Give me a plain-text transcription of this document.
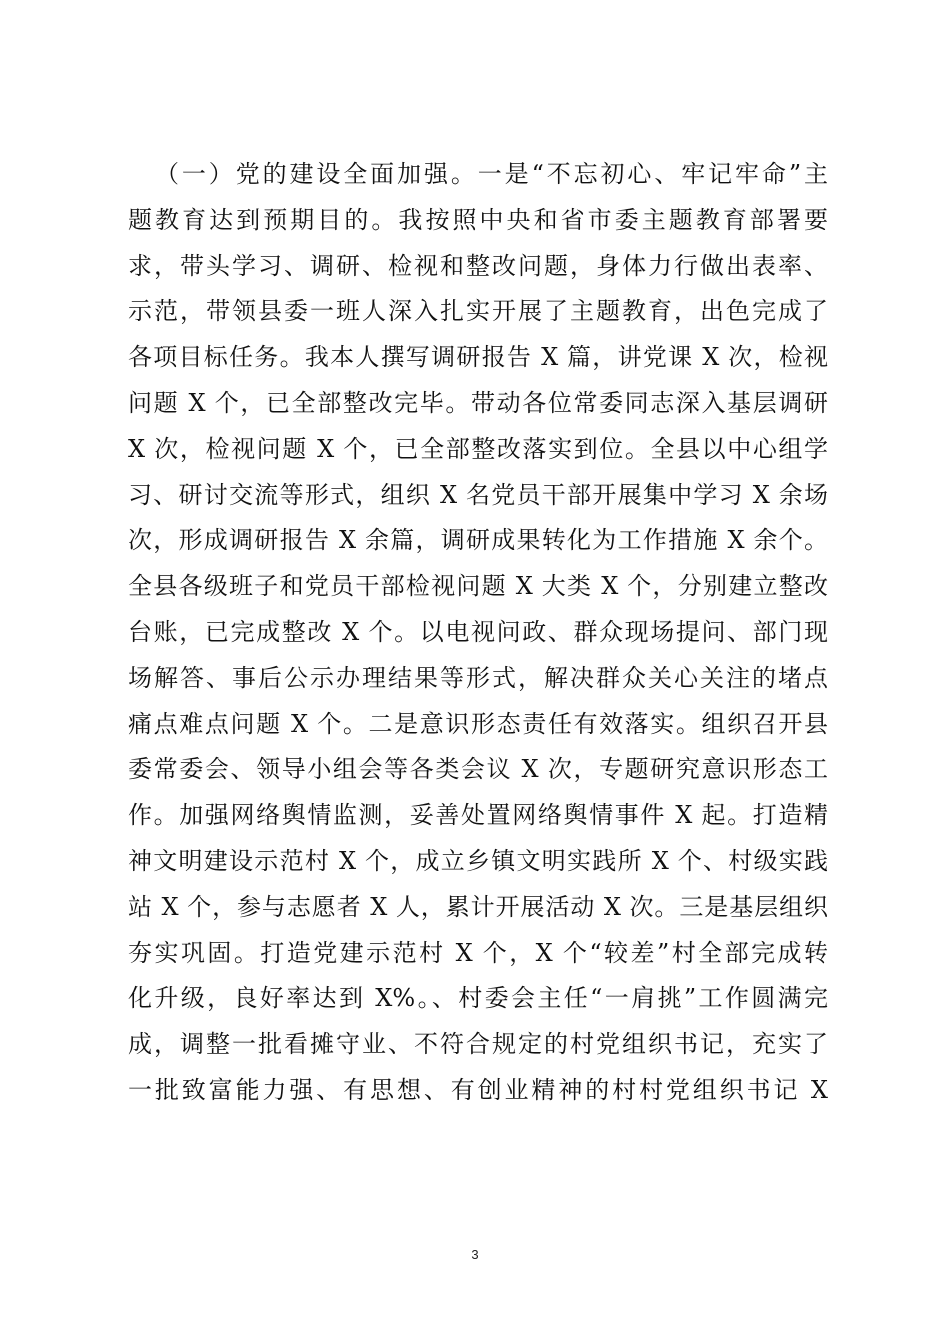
（一）党的建设全面加强。一是“不忘初心、牢记牢命”主
题教育达到预期目的。我按照中央和省市委主题教育部署要
求，带头学习、调研、检视和整改问题，身体力行做出表率、
示范，带领县委一班人深入扎实开展了主题教育，出色完成了
各项目标任务。我本人撰写调研报告 X 篇，讲党课 X 次，检视
问题 X 个，已全部整改完毕。带动各位常委同志深入基层调研
X 次，检视问题 X 个，已全部整改落实到位。全县以中心组学
习、研讨交流等形式，组织 X 名党员干部开展集中学习 X 余场
次，形成调研报告 X 余篇，调研成果转化为工作措施 X 余个。
全县各级班子和党员干部检视问题 X 大类 X 个，分别建立整改
台账，已完成整改 X 个。以电视问政、群众现场提问、部门现
场解答、事后公示办理结果等形式，解决群众关心关注的堵点
痛点难点问题 X 个。二是意识形态责任有效落实。组织召开县
委常委会、领导小组会等各类会议 X 次，专题研究意识形态工
作。加强网络舆情监测，妥善处置网络舆情事件 X 起。打造精
神文明建设示范村 X 个，成立乡镇文明实践所 X 个、村级实践
站 X 个，参与志愿者 X 人，累计开展活动 X 次。三是基层组织
夯实巩固。打造党建示范村 X 个，X 个“较差”村全部完成转
化升级，良好率达到 X%。、村委会主任“一肩挑”工作圆满完
成，调整一批看摊守业、不符合规定的村党组织书记，充实了
一批致富能力强、有思想、有创业精神的村村党组织书记 X
3
